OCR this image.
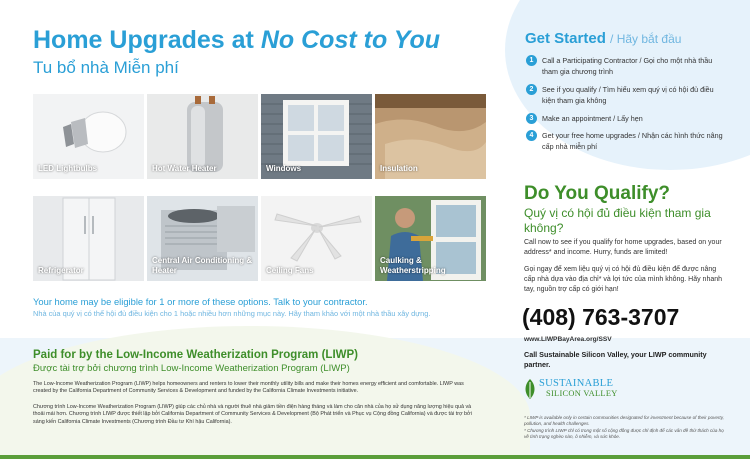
Home Upgrades at No Cost to You
Tu bổ nhà Miễn phí
LED Lightbulbs	Hot Water Heater	Windows	Insulation
Refrigerator
Central Air Conditioning & Heater	Ceiling Fans
Caulking & Weatherstripping
Your home may be eligible for 1 or more of these options. Talk to your contractor.
Nhà của quý vị có thể hội đủ điều kiện cho 1 hoặc nhiều hơn những mục này. Hãy tham khảo với một nhà thầu xây dựng.
Paid for by the Low-Income Weatherization Program (LIWP)
Được tài trợ bởi chương trình Low-Income Weatherization Program (LIWP)
The Low-Income Weatherization Program (LIWP) helps homeowners and renters to lower their monthly utility bills and make their homes energy efficient and comfortable. LIWP was created by the California Department of Community Services & Development and funded by the California Climate Investments initiative.
Chương trình Low-Income Weatherization Program (LIWP) giúp các chủ nhà và người thuê nhà giảm tiền điện hàng tháng và làm cho căn nhà của họ sử dụng năng lượng hiệu quả và thoải mái hơn. Chương trình LIWP được thiết lập bởi California Department of Community Services & Development (Bộ Phát triển và Phục vụ Cộng đồng California) và được tài trợ bởi sáng kiến California Climate Investments (Chương trình Đầu tư Khí hậu California).
Get Started / Hãy bắt đầu
1	Call a Participating Contractor / Gọi cho một nhà thầu tham gia chương trình
2	See if you qualify / Tìm hiểu xem quý vị có hội đủ điều kiện tham gia không
3	Make an appointment / Lấy hẹn
4	Get your free home upgrades / Nhận các hình thức nâng cấp nhà miễn phí
Do You Qualify?
Quý vị có hội đủ điều kiện tham gia không?
Call now to see if you qualify for home upgrades, based on your address* and income. Hurry, funds are limited!
Gọi ngay để xem liệu quý vị có hội đủ điều kiện để được nâng cấp nhà dựa vào địa chỉ* và lợi tức của mình không. Hãy nhanh tay, nguồn trợ cấp có giới hạn!
(408) 763-3707
www.LIWPBayArea.org/SSV
Call Sustainable Silicon Valley, your LIWP community partner.
SUSTAINABLE
SILICON VALLEY
* LIWP is available only in certain communities designated for investment because of their poverty, pollution, and health challenges.
* Chương trình LIWP chỉ có trong một số cộng đồng được chỉ định để các vấn đề thử thách của họ về tình trạng nghèo nàn, ô nhiễm, và sức khỏe.
